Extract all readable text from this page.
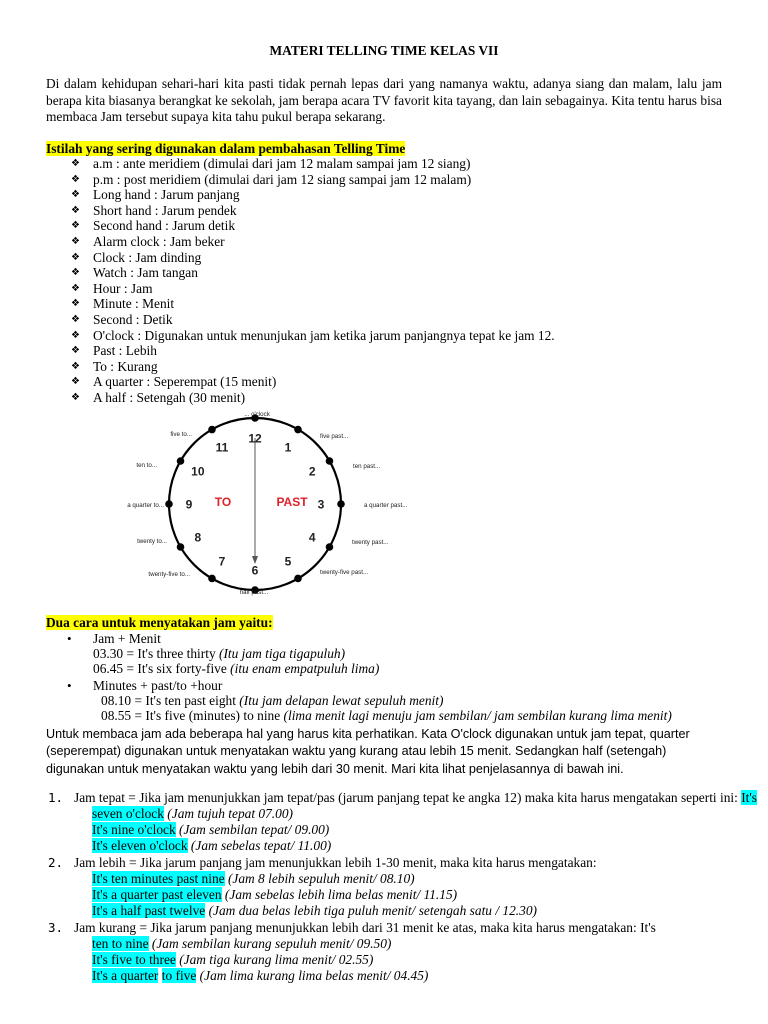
MATERI TELLING TIME KELAS VII
Di dalam kehidupan sehari-hari kita pasti tidak pernah lepas dari yang namanya waktu, adanya siang dan malam, lalu jam berapa kita biasanya berangkat ke sekolah, jam berapa acara TV favorit kita tayang, dan lain sebagainya. Kita tentu harus bisa membaca Jam tersebut supaya kita tahu pukul berapa sekarang.
Istilah yang sering digunakan dalam pembahasan Telling Time
❖ a.m : ante meridiem (dimulai dari jam 12 malam sampai jam 12 siang)
❖ p.m : post meridiem (dimulai dari jam 12 siang sampai jam 12 malam)
❖ Long hand : Jarum panjang
❖ Short hand : Jarum pendek
❖ Second hand : Jarum detik
❖ Alarm clock : Jam beker
❖ Clock : Jam dinding
❖ Watch : Jam tangan
❖ Hour : Jam
❖ Minute : Menit
❖ Second : Detik
❖ O'clock : Digunakan untuk menunjukan jam ketika jarum panjangnya tepat ke jam 12.
❖ Past : Lebih
❖ To : Kurang
❖ A quarter : Seperempat (15 menit)
❖ A half : Setengah (30 menit)
12
... o'clock
1
five past...
2	ten past...
3	a quarter past...
4	twenty past...
5
twenty-five past...
6
half past...
7
twenty-five to...
8
twenty to...
9
a quarter to...
10
ten to...
11
five to...
TO	PAST
Dua cara untuk menyatakan jam yaitu:
• Jam + Menit
03.30 = It's three thirty (Itu jam tiga tigapuluh)
06.45 = It's six forty-five (itu enam empatpuluh lima)
• Minutes + past/to +hour
08.10 = It's ten past eight (Itu jam delapan lewat sepuluh menit)
08.55 = It's five (minutes) to nine (lima menit lagi menuju jam sembilan/ jam sembilan kurang lima menit)
Untuk membaca jam ada beberapa hal yang harus kita perhatikan. Kata O'clock digunakan untuk jam tepat, quarter (seperempat) digunakan untuk menyatakan waktu yang kurang atau lebih 15 menit. Sedangkan half (setengah) digunakan untuk menyatakan waktu yang lebih dari 30 menit. Mari kita lihat penjelasannya di bawah ini.
1. Jam tepat = Jika jam menunjukkan jam tepat/pas (jarum panjang tepat ke angka 12) maka kita harus mengatakan seperti ini: It's
seven o'clock (Jam tujuh tepat 07.00)
It's nine o'clock (Jam sembilan tepat/ 09.00)
It's eleven o'clock (Jam sebelas tepat/ 11.00)
2. Jam lebih = Jika jarum panjang jam menunjukkan lebih 1-30 menit, maka kita harus mengatakan:
It's ten minutes past nine (Jam 8 lebih sepuluh menit/ 08.10)
It's a quarter past eleven (Jam sebelas lebih lima belas menit/ 11.15)
It's a half past twelve (Jam dua belas lebih tiga puluh menit/ setengah satu / 12.30)
3. Jam kurang = Jika jarum panjang menunjukkan lebih dari 31 menit ke atas, maka kita harus mengatakan: It's
ten to nine (Jam sembilan kurang sepuluh menit/ 09.50)
It's five to three (Jam tiga kurang lima menit/ 02.55)
It's a quarter to five (Jam lima kurang lima belas menit/ 04.45)
